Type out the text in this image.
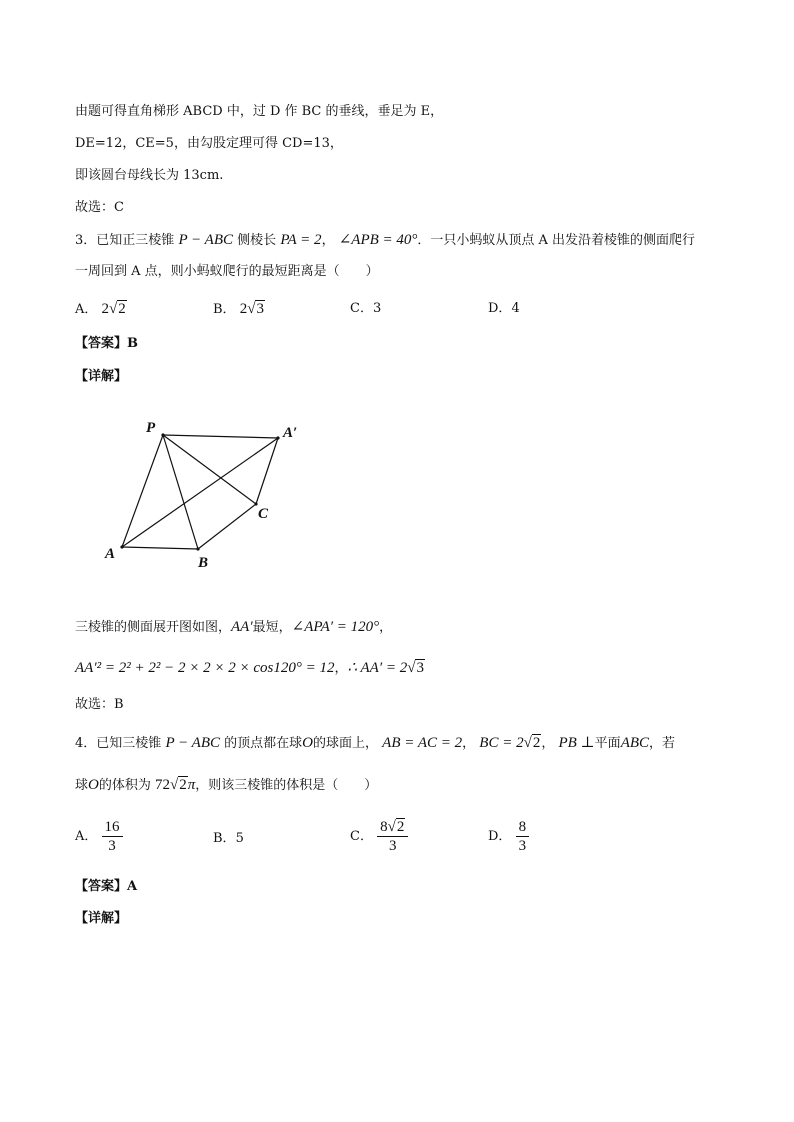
由题可得直角梯形 ABCD 中，过 D 作 BC 的垂线，垂足为 E，
DE=12，CE=5，由勾股定理可得 CD=13，
即该圆台母线长为 13cm.
故选：C
3．已知正三棱锥 P − ABC 侧棱长 PA = 2， ∠APB = 40°．一只小蚂蚁从顶点 A 出发沿着棱锥的侧面爬行
一周回到 A 点，则小蚂蚁爬行的最短距离是（　　）
A． 2√2	B． 2√3	C．3	D．4
【答案】B
【详解】
P	A′
C
A
B
三棱锥的侧面展开图如图，AA′最短，∠APA′ = 120°，
AA′² = 2² + 2² − 2 × 2 × 2 × cos120° = 12，∴ AA′ = 2√3
故选：B
4．已知三棱锥 P − ABC 的顶点都在球O的球面上， AB = AC = 2， BC = 2√2， PB ⊥平面ABC，若
球O的体积为 72√2π，则该三棱锥的体积是（　　）
A． $\frac{16}{3}$	B．5	C． $\frac{8√2}{3}$	D． $\frac{8}{3}$
【答案】A
【详解】
